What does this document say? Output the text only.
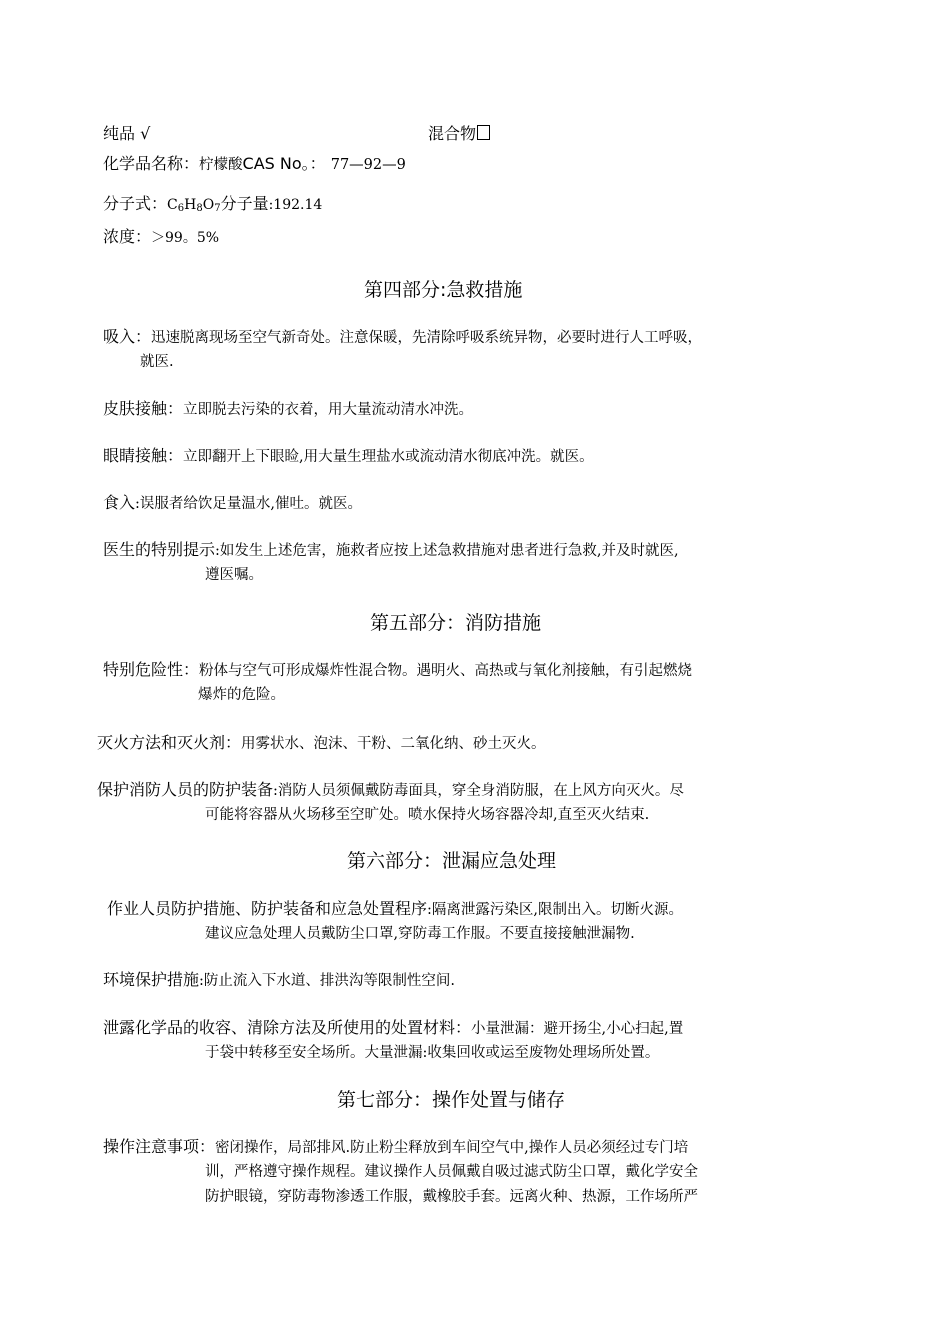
纯品 √	混合物
化学品名称：柠檬酸CAS No。： 77—92—9
分子式：$C_6H_8O_7$分子量:192.14
浓度：＞99。5%
第四部分:急救措施
吸入：迅速脱离现场至空气新奇处。注意保暖，先清除呼吸系统异物，必要时进行人工呼吸，
就医.
皮肤接触：立即脱去污染的衣着，用大量流动清水冲洗。
眼睛接触：立即翻开上下眼睑,用大量生理盐水或流动清水彻底冲洗。就医。
食入:误服者给饮足量温水,催吐。就医。
医生的特别提示:如发生上述危害，施救者应按上述急救措施对患者进行急救,并及时就医,
遵医嘱。
第五部分：消防措施
特别危险性：粉体与空气可形成爆炸性混合物。遇明火、高热或与氧化剂接触，有引起燃烧
爆炸的危险。
灭火方法和灭火剂：用雾状水、泡沫、干粉、二氧化纳、砂土灭火。
保护消防人员的防护装备:消防人员须佩戴防毒面具，穿全身消防服，在上风方向灭火。尽
可能将容器从火场移至空旷处。喷水保持火场容器冷却,直至灭火结束.
第六部分：泄漏应急处理
作业人员防护措施、防护装备和应急处置程序:隔离泄露污染区,限制出入。切断火源。
建议应急处理人员戴防尘口罩,穿防毒工作服。不要直接接触泄漏物.
环境保护措施:防止流入下水道、排洪沟等限制性空间.
泄露化学品的收容、清除方法及所使用的处置材料：小量泄漏：避开扬尘,小心扫起,置
于袋中转移至安全场所。大量泄漏:收集回收或运至废物处理场所处置。
第七部分：操作处置与储存
操作注意事项：密闭操作，局部排风.防止粉尘释放到车间空气中,操作人员必须经过专门培
训，严格遵守操作规程。建议操作人员佩戴自吸过滤式防尘口罩，戴化学安全
防护眼镜，穿防毒物渗透工作服，戴橡胶手套。远离火种、热源，工作场所严
